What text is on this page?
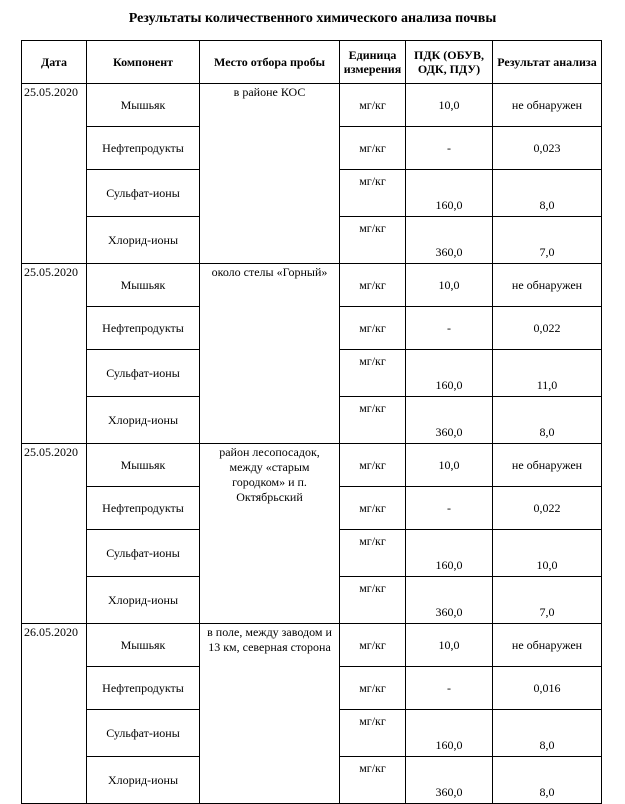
Результаты количественного химического анализа почвы
Дата	Компонент	Место отбора пробы	Единица измерения	ПДК (ОБУВ, ОДК, ПДУ)	Результат анализа
25.05.2020	Мышьяк	в районе КОС	мг/кг	10,0	не обнаружен
	Нефтепродукты		мг/кг	-	0,023
	Сульфат-ионы		мг/кг	160,0	8,0
	Хлорид-ионы		мг/кг	360,0	7,0
25.05.2020	Мышьяк	около стелы «Горный»	мг/кг	10,0	не обнаружен
	Нефтепродукты		мг/кг	-	0,022
	Сульфат-ионы		мг/кг	160,0	11,0
	Хлорид-ионы		мг/кг	360,0	8,0
25.05.2020	Мышьяк	район лесопосадок, между «старым городком» и п. Октябрьский	мг/кг	10,0	не обнаружен
	Нефтепродукты		мг/кг	-	0,022
	Сульфат-ионы		мг/кг	160,0	10,0
	Хлорид-ионы		мг/кг	360,0	7,0
26.05.2020	Мышьяк	в поле, между заводом и 13 км, северная сторона	мг/кг	10,0	не обнаружен
	Нефтепродукты		мг/кг	-	0,016
	Сульфат-ионы		мг/кг	160,0	8,0
	Хлорид-ионы		мг/кг	360,0	8,0
